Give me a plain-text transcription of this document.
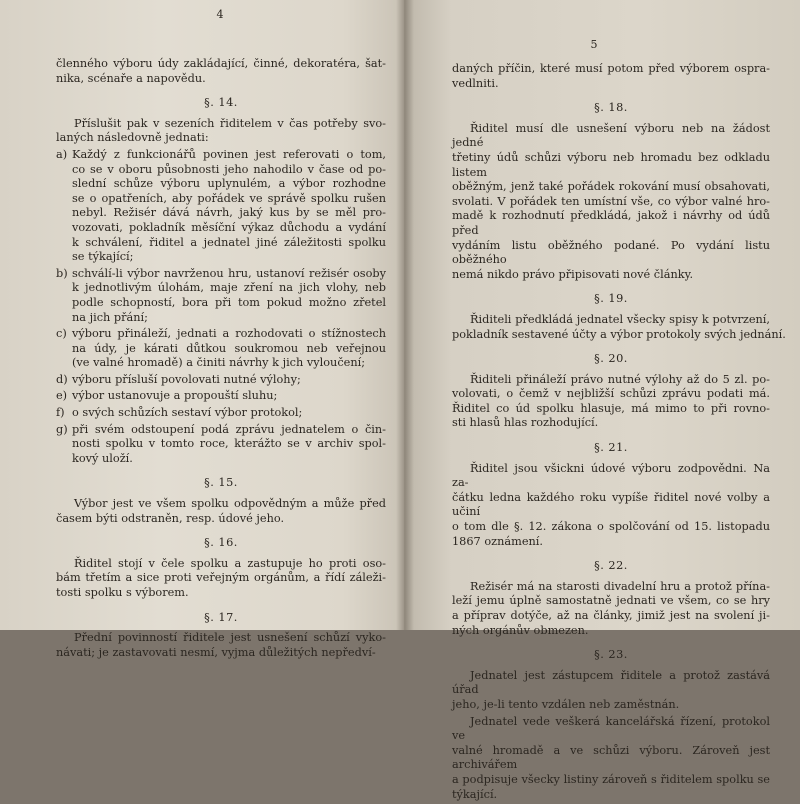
4
členného výboru údy zakládající, činné, dekoratéra, šat-
nika, scénaře a napovědu.
§. 14.
Příslušit pak v sezeních řiditelem v čas potřeby svo-
laných následovně jednati:
a) Každý z funkcionářů povinen jest referovati o tom,
co se v oboru působnosti jeho nahodilo v čase od po-
slední schůze výboru uplynulém, a výbor rozhodne
se o opatřeních, aby pořádek ve správě spolku rušen
nebyl. Režisér dává návrh, jaký kus by se měl pro-
vozovati, pokladník měsíční výkaz důchodu a vydání
k schválení, řiditel a jednatel jiné záležitosti spolku
se týkající;
b) schválí-li výbor navrženou hru, ustanoví režisér osoby
k jednotlivým úlohám, maje zření na jich vlohy, neb
podle schopností, bora při tom pokud možno zřetel
na jich přání;
c) výboru přináleží, jednati a rozhodovati o stížnostech
na údy, je kárati důtkou soukromou neb veřejnou
(ve valné hromadě) a činiti návrhy k jich vyloučení;
d) výboru přísluší povolovati nutné výlohy;
e) výbor ustanovuje a propouští sluhu;
f) o svých schůzích sestaví výbor protokol;
g) při svém odstoupení podá zprávu jednatelem o čin-
nosti spolku v tomto roce, kterážto se v archiv spol-
kový uloží.
§. 15.
Výbor jest ve všem spolku odpovědným a může před
časem býti odstraněn, resp. údové jeho.
§. 16.
Řiditel stojí v čele spolku a zastupuje ho proti oso-
bám třetím a sice proti veřejným orgánům, a řídí záleži-
tosti spolku s výborem.
§. 17.
Přední povinností řiditele jest usnešení schůzí vyko-
návati; je zastavovati nesmí, vyjma důležitých nepředví-
5
daných příčin, které musí potom před výborem ospra-
vedlniti.
§. 18.
Řiditel musí dle usnešení výboru neb na žádost jedné
třetiny údů schůzi výboru neb hromadu bez odkladu listem
oběžným, jenž také pořádek rokování musí obsahovati,
svolati. V pořádek ten umístní vše, co výbor valné hro-
madě k rozhodnutí předkládá, jakož i návrhy od údů před
vydáním listu oběžného podané. Po vydání listu oběžného
nemá nikdo právo připisovati nové články.
§. 19.
Řiditeli předkládá jednatel všecky spisy k potvrzení,
pokladník sestavené účty a výbor protokoly svých jednání.
§. 20.
Řiditeli přináleží právo nutné výlohy až do 5 zl. po-
volovati, o čemž v nejbližší schůzi zprávu podati má.
Řiditel co úd spolku hlasuje, má mimo to při rovno-
sti hlasů hlas rozhodující.
§. 21.
Řiditel jsou všickni údové výboru zodpovědni. Na za-
čátku ledna každého roku vypíše řiditel nové volby a učiní
o tom dle §. 12. zákona o spolčování od 15. listopadu
1867 oznámení.
§. 22.
Režisér má na starosti divadelní hru a protož přína-
leží jemu úplně samostatně jednati ve všem, co se hry
a příprav dotýče, až na články, jimiž jest na svolení ji-
ných orgánův obmezen.
§. 23.
Jednatel jest zástupcem řiditele a protož zastává úřad
jeho, je-li tento vzdálen neb zaměstnán.
Jednatel vede veškerá kancelářská řízení, protokol ve
valné hromadě a ve schůzi výboru. Zároveň jest archivářem
a podpisuje všecky listiny zároveň s řiditelem spolku se
týkající.
